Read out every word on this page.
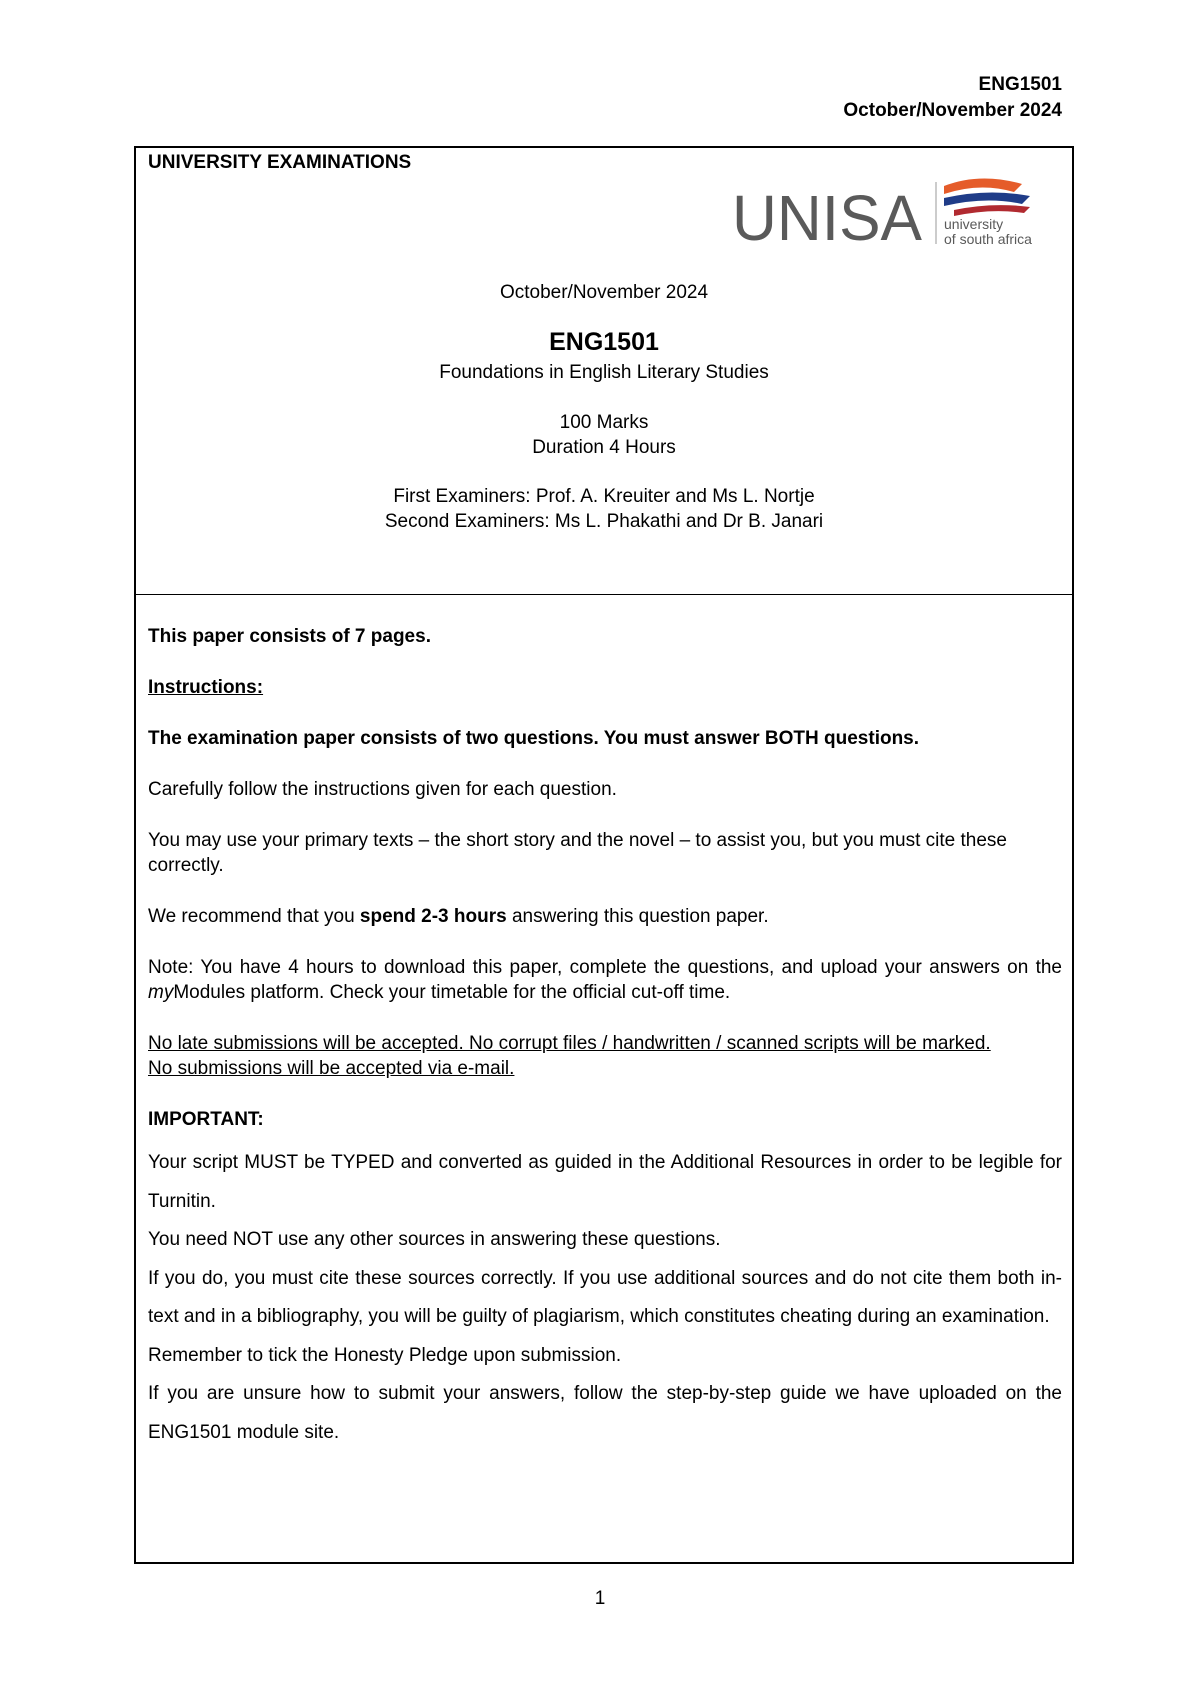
ENG1501
October/November 2024
UNIVERSITY EXAMINATIONS
UNISA university
of south africa
October/November 2024
ENG1501
Foundations in English Literary Studies
100 Marks
Duration 4 Hours
First Examiners: Prof. A. Kreuiter and Ms L. Nortje
Second Examiners: Ms L. Phakathi and Dr B. Janari

This paper consists of 7 pages.

Instructions:

The examination paper consists of two questions. You must answer BOTH questions.

Carefully follow the instructions given for each question.

You may use your primary texts – the short story and the novel – to assist you, but you must cite these correctly.

We recommend that you spend 2-3 hours answering this question paper.

Note: You have 4 hours to download this paper, complete the questions, and upload your answers on the myModules platform. Check your timetable for the official cut-off time.

No late submissions will be accepted. No corrupt files / handwritten / scanned scripts will be marked.

No submissions will be accepted via e-mail.

IMPORTANT:

Your script MUST be TYPED and converted as guided in the Additional Resources in order to be legible for Turnitin.

You need NOT use any other sources in answering these questions.

If you do, you must cite these sources correctly. If you use additional sources and do not cite them both in-text and in a bibliography, you will be guilty of plagiarism, which constitutes cheating during an examination.

Remember to tick the Honesty Pledge upon submission.

If you are unsure how to submit your answers, follow the step-by-step guide we have uploaded on the ENG1501 module site.

1
